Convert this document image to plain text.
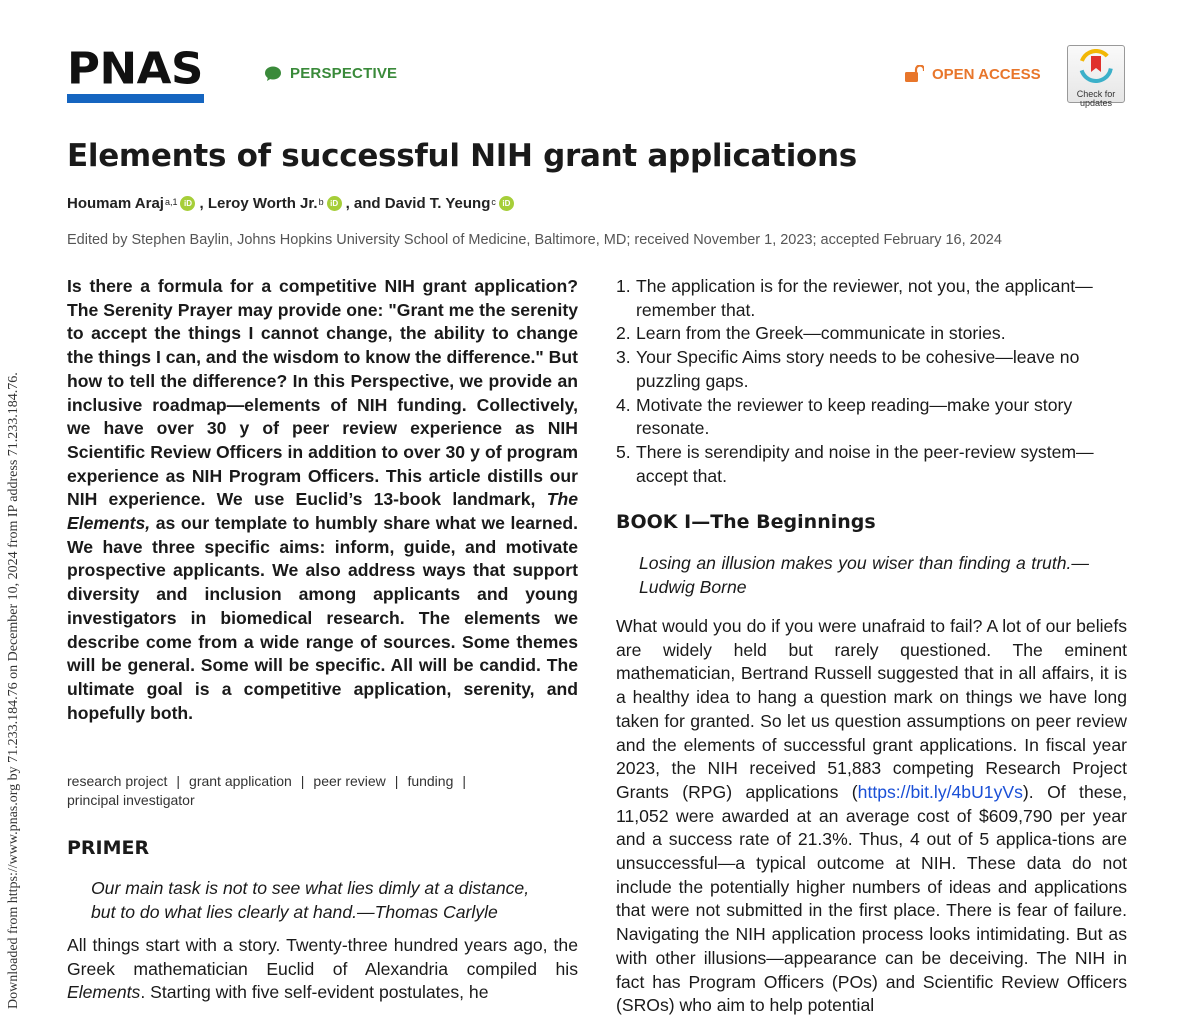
PNAS	PERSPECTIVE	OPEN ACCESS
Check for
updates
Elements of successful NIH grant applications
Houmam Araj$^{a,1}$ iD ,
Leroy Worth Jr.$^b$ iD , and
David T. Yeung$^c$ iD
Edited by Stephen Baylin, Johns Hopkins University School of Medicine, Baltimore, MD; received November 1, 2023; accepted February 16, 2024

Is there a formula for a competitive NIH grant application? The Serenity Prayer may provide one: "Grant me the serenity to accept the things I cannot change, the ability to change the things I can, and the wisdom to know the difference." But how to tell the difference? In this Perspective, we provide an inclusive roadmap—elements of NIH funding. Collectively, we have over 30 y of peer review experience as NIH Scientific Review Officers in addition to over 30 y of program experience as NIH Program Officers. This article distills our NIH experience. We use Euclid’s 13-book landmark, The Elements, as our template to humbly share what we learned. We have three specific aims: inform, guide, and motivate prospective applicants. We also address ways that support diversity and inclusion among applicants and young investigators in biomedical research. The elements we describe come from a wide range of sources. Some themes will be general. Some will be specific. All will be candid. The ultimate goal is a competitive application, serenity, and hopefully both.

research project | grant application | peer review | funding |
principal investigator
PRIMER

Our main task is not to see what lies dimly at a distance,
but to do what lies clearly at hand.—Thomas Carlyle

All things start with a story. Twenty-three hundred years ago, the Greek mathematician Euclid of Alexandria compiled his Elements. Starting with five self-evident postulates, he

1. The application is for the reviewer, not you, the applicant—remember that.
2. Learn from the Greek—communicate in stories.
3. Your Specific Aims story needs to be cohesive—leave no puzzling gaps.
4. Motivate the reviewer to keep reading—make your story resonate.
5. There is serendipity and noise in the peer-review system—accept that.
BOOK I—The Beginnings

Losing an illusion makes you wiser than finding a truth.—Ludwig Borne

What would you do if you were unafraid to fail? A lot of our beliefs are widely held but rarely questioned. The eminent mathematician, Bertrand Russell suggested that in all affairs, it is a healthy idea to hang a question mark on things we have long taken for granted. So let us question assumptions on peer review and the elements of successful grant applications. In fiscal year 2023, the NIH received 51,883 competing Research Project Grants (RPG) applications (https://bit.ly/4bU1yVs). Of these, 11,052 were awarded at an average cost of $609,790 per year and a success rate of 21.3%. Thus, 4 out of 5 applica-tions are unsuccessful—a typical outcome at NIH. These data do not include the potentially higher numbers of ideas and applications that were not submitted in the first place. There is fear of failure. Navigating the NIH application process looks intimidating. But as with other illusions—appearance can be deceiving. The NIH in fact has Program Officers (POs) and Scientific Review Officers (SROs) who aim to help potential

Downloaded from https://www.pnas.org by 71.233.184.76 on December 10, 2024 from IP address 71.233.184.76.
